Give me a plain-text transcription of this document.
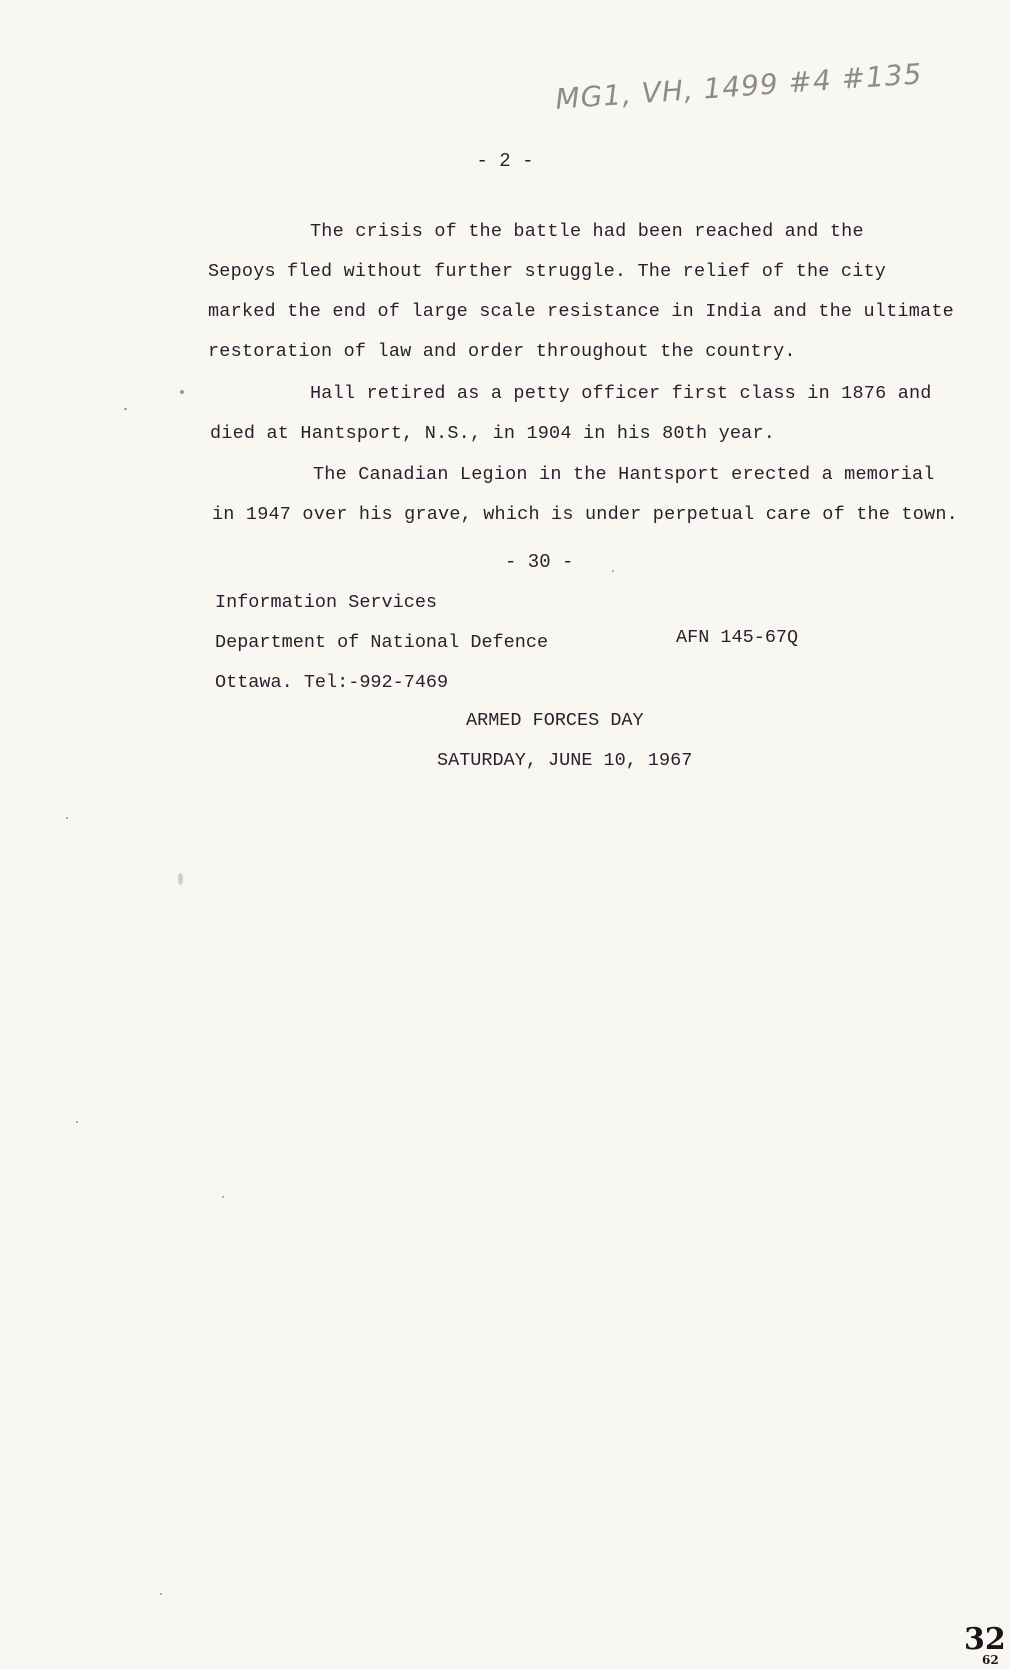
MG1, VH, 1499 #4 #135
- 2 -
The crisis of the battle had been reached and the
Sepoys fled without further struggle. The relief of the city
marked the end of large scale resistance in India and the ultimate
restoration of law and order throughout the country.
Hall retired as a petty officer first class in 1876 and
died at Hantsport, N.S., in 1904 in his 80th year.
The Canadian Legion in the Hantsport erected a memorial
in 1947 over his grave, which is under perpetual care of the town.
- 30 -
Information Services
Department of National Defence	AFN 145-67Q
Ottawa. Tel:-992-7469
ARMED FORCES DAY
SATURDAY, JUNE 10, 1967
32
62
